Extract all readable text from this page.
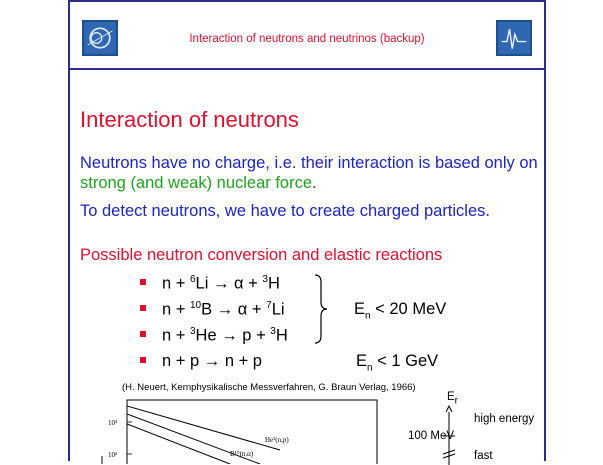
Interaction of neutrons and neutrinos (backup)
Interaction of neutrons
Neutrons have no charge, i.e. their interaction is based only on strong (and weak) nuclear force.
To detect neutrons, we have to create charged particles.
Possible neutron conversion and elastic reactions
n + $^6$Li → α + $^3$H
n + $^{10}$B → α + $^7$Li
n + $^3$He → p + $^3$H
n + p → n + p
$E_n < 20$ MeV
$E_n < 1$ GeV
(H. Neuert, Kernphysikalische Messverfahren, G. Braun Verlag, 1966)
10³
10²
He³(n,p)
B¹⁰(n,α)
$E_r$
high energy
100 MeV
fast
